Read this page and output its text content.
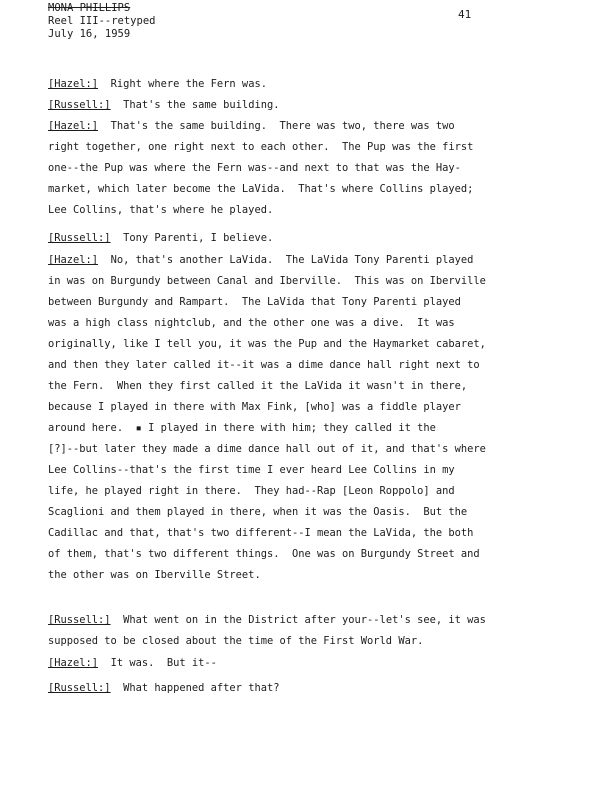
MONA PHILLIPS
Reel III--retyped
July 16, 1959
41
[Hazel:] Right where the Fern was.
[Russell:] That's the same building.
[Hazel:] That's the same building.  There was two, there was two
right together, one right next to each other.  The Pup was the first
one--the Pup was where the Fern was--and next to that was the Hay-
market, which later become the LaVida.  That's where Collins played;
Lee Collins, that's where he played.
[Russell:] Tony Parenti, I believe.
[Hazel:] No, that's another LaVida.  The LaVida Tony Parenti played
in was on Burgundy between Canal and Iberville.  This was on Iberville
between Burgundy and Rampart.  The LaVida that Tony Parenti played
was a high class nightclub, and the other one was a dive.  It was
originally, like I tell you, it was the Pup and the Haymarket cabaret,
and then they later called it--it was a dime dance hall right next to
the Fern.  When they first called it the LaVida it wasn't in there,
because I played in there with Max Fink, [who] was a fiddle player
around here.  ▪ I played in there with him; they called it the
[?]--but later they made a dime dance hall out of it, and that's where
Lee Collins--that's the first time I ever heard Lee Collins in my
life, he played right in there.  They had--Rap [Leon Roppolo] and
Scaglioni and them played in there, when it was the Oasis.  But the
Cadillac and that, that's two different--I mean the LaVida, the both
of them, that's two different things.  One was on Burgundy Street and
the other was on Iberville Street.
[Russell:] What went on in the District after your--let's see, it was
supposed to be closed about the time of the First World War.
[Hazel:] It was.  But it--
[Russell:] What happened after that?
